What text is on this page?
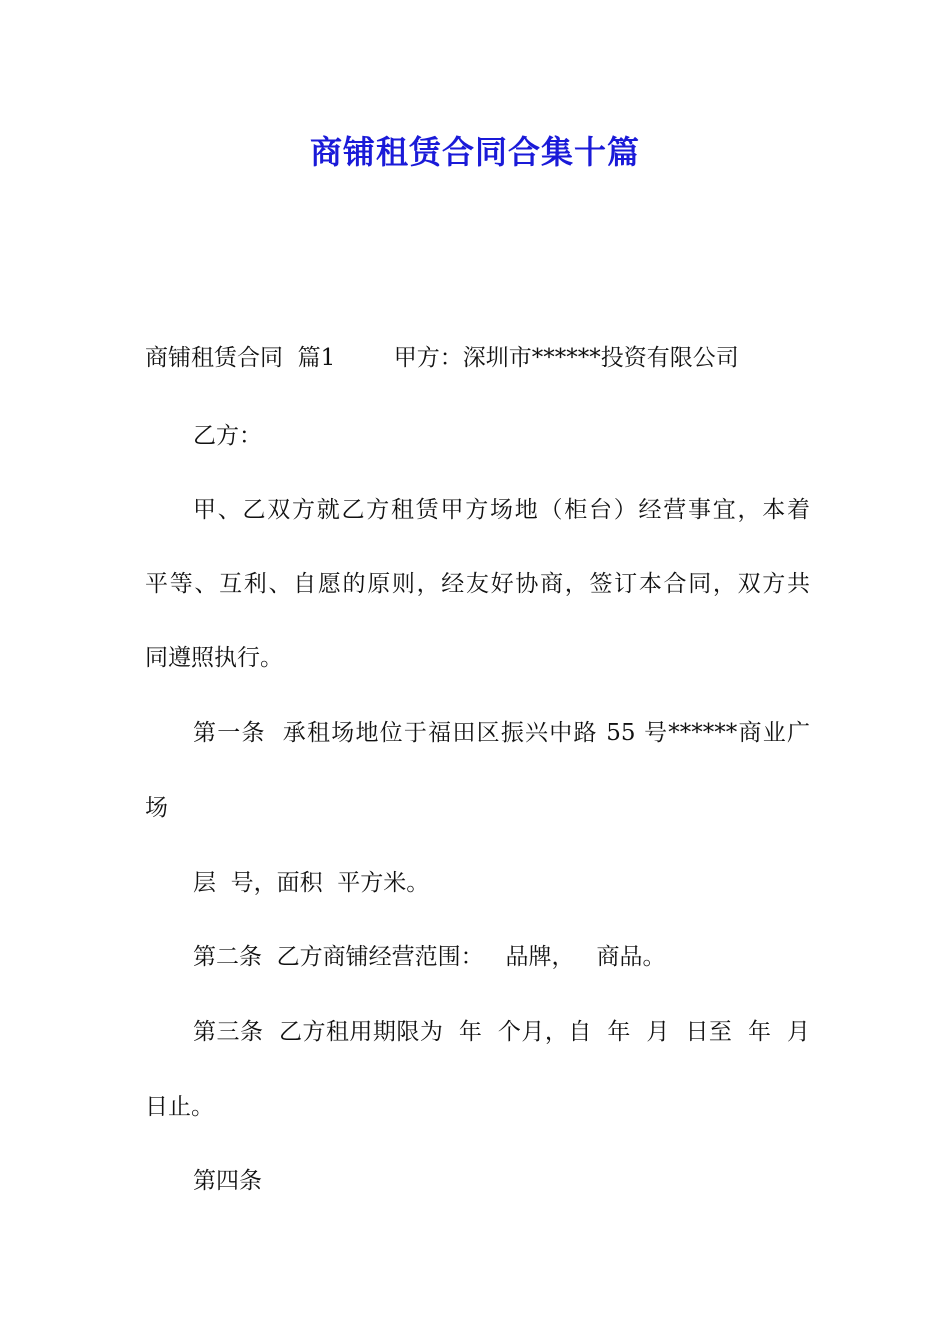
商铺租赁合同合集十篇
商铺租赁合同  篇1        甲方：深圳市******投资有限公司
乙方：
甲、乙双方就乙方租赁甲方场地（柜台）经营事宜，本着
平等、互利、自愿的原则，经友好协商，签订本合同，双方共
同遵照执行。
第一条  承租场地位于福田区振兴中路 55 号******商业广
场
层  号，面积  平方米。
第二条  乙方商铺经营范围：   品牌，   商品。
第三条  乙方租用期限为  年  个月，自  年  月  日至  年  月
日止。
第四条
